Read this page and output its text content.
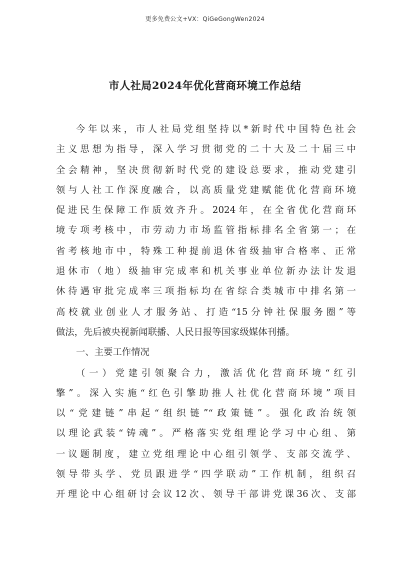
更多免费公文+VX：QiGeGongWen2024
市人社局2024年优化营商环境工作总结
今年以来，市人社局党组坚持以*新时代中国特色社会
主义思想为指导，深入学习贯彻党的二十大及二十届三中
全会精神，坚决贯彻新时代党的建设总要求，推动党建引
领与人社工作深度融合，以高质量党建赋能优化营商环境
促进民生保障工作质效齐升。2024年，在全省优化营商环
境专项考核中，市劳动力市场监管指标排名全省第一；在
省考核地市中，特殊工种提前退休省级抽审合格率、正常
退休市（地）级抽审完成率和机关事业单位新办法计发退
休待遇审批完成率三项指标均在省综合类城市中排名第一
高校就业创业人才服务站、打造“15分钟社保服务圈”等
做法，先后被央视新闻联播、人民日报等国家级媒体刊播。
一、主要工作情况
（一）党建引领聚合力，激活优化营商环境“红引
擎”。深入实施“红色引擎助推人社优化营商环境”项目
以“党建链”串起“组织链”“政策链”。强化政治统领
以理论武装“铸魂”。严格落实党组理论学习中心组、第
一议题制度，建立党组理论中心组引领学、支部交流学、
领导带头学、党员跟进学“四学联动”工作机制，组织召
开理论中心组研讨会议12次、领导干部讲党课36次、支部
